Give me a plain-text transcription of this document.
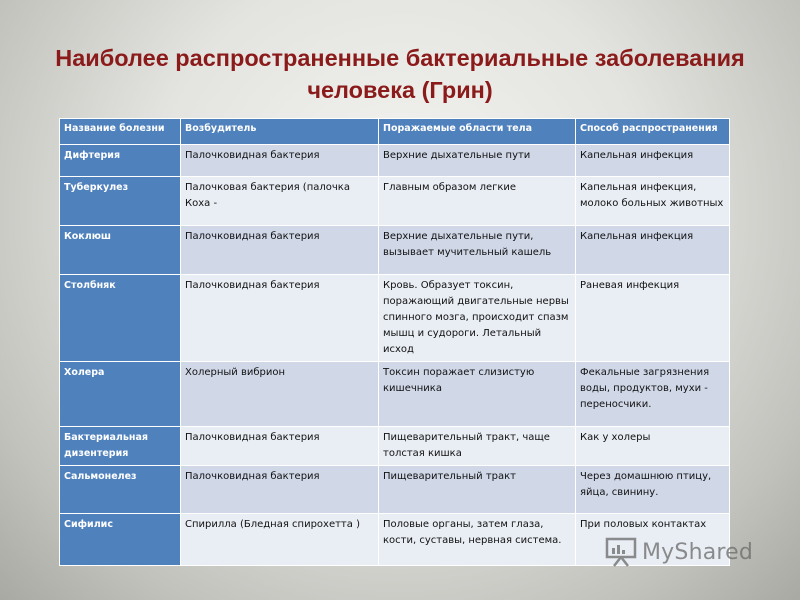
Наиболее распространенные бактериальные заболевания
человека (Грин)
Название болезни	Возбудитель	Поражаемые области тела	Способ распространения
Дифтерия	Палочковидная бактерия	Верхние дыхательные пути	Капельная инфекция
Туберкулез	Палочковая бактерия (палочка Коха -	Главным образом легкие	Капельная инфекция, молоко больных животных
Коклюш	Палочковидная бактерия	Верхние дыхательные пути, вызывает мучительный кашель	Капельная инфекция
Столбняк	Палочковидная бактерия	Кровь. Образует токсин, поражающий двигательные нервы спинного мозга, происходит спазм мышц и судороги. Летальный исход	Раневая инфекция
Холера	Холерный вибрион	Токсин поражает слизистую кишечника	Фекальные загрязнения воды, продуктов, мухи - переносчики.
Бактериальная дизентерия	Палочковидная бактерия	Пищеварительный тракт, чаще толстая кишка	Как у холеры
Сальмонелез	Палочковидная бактерия	Пищеварительный тракт	Через домашнюю птицу, яйца, свинину.
Сифилис	Спирилла (Бледная спирохетта )	Половые органы, затем глаза, кости, суставы, нервная система.	При половых контактах
MyShared
